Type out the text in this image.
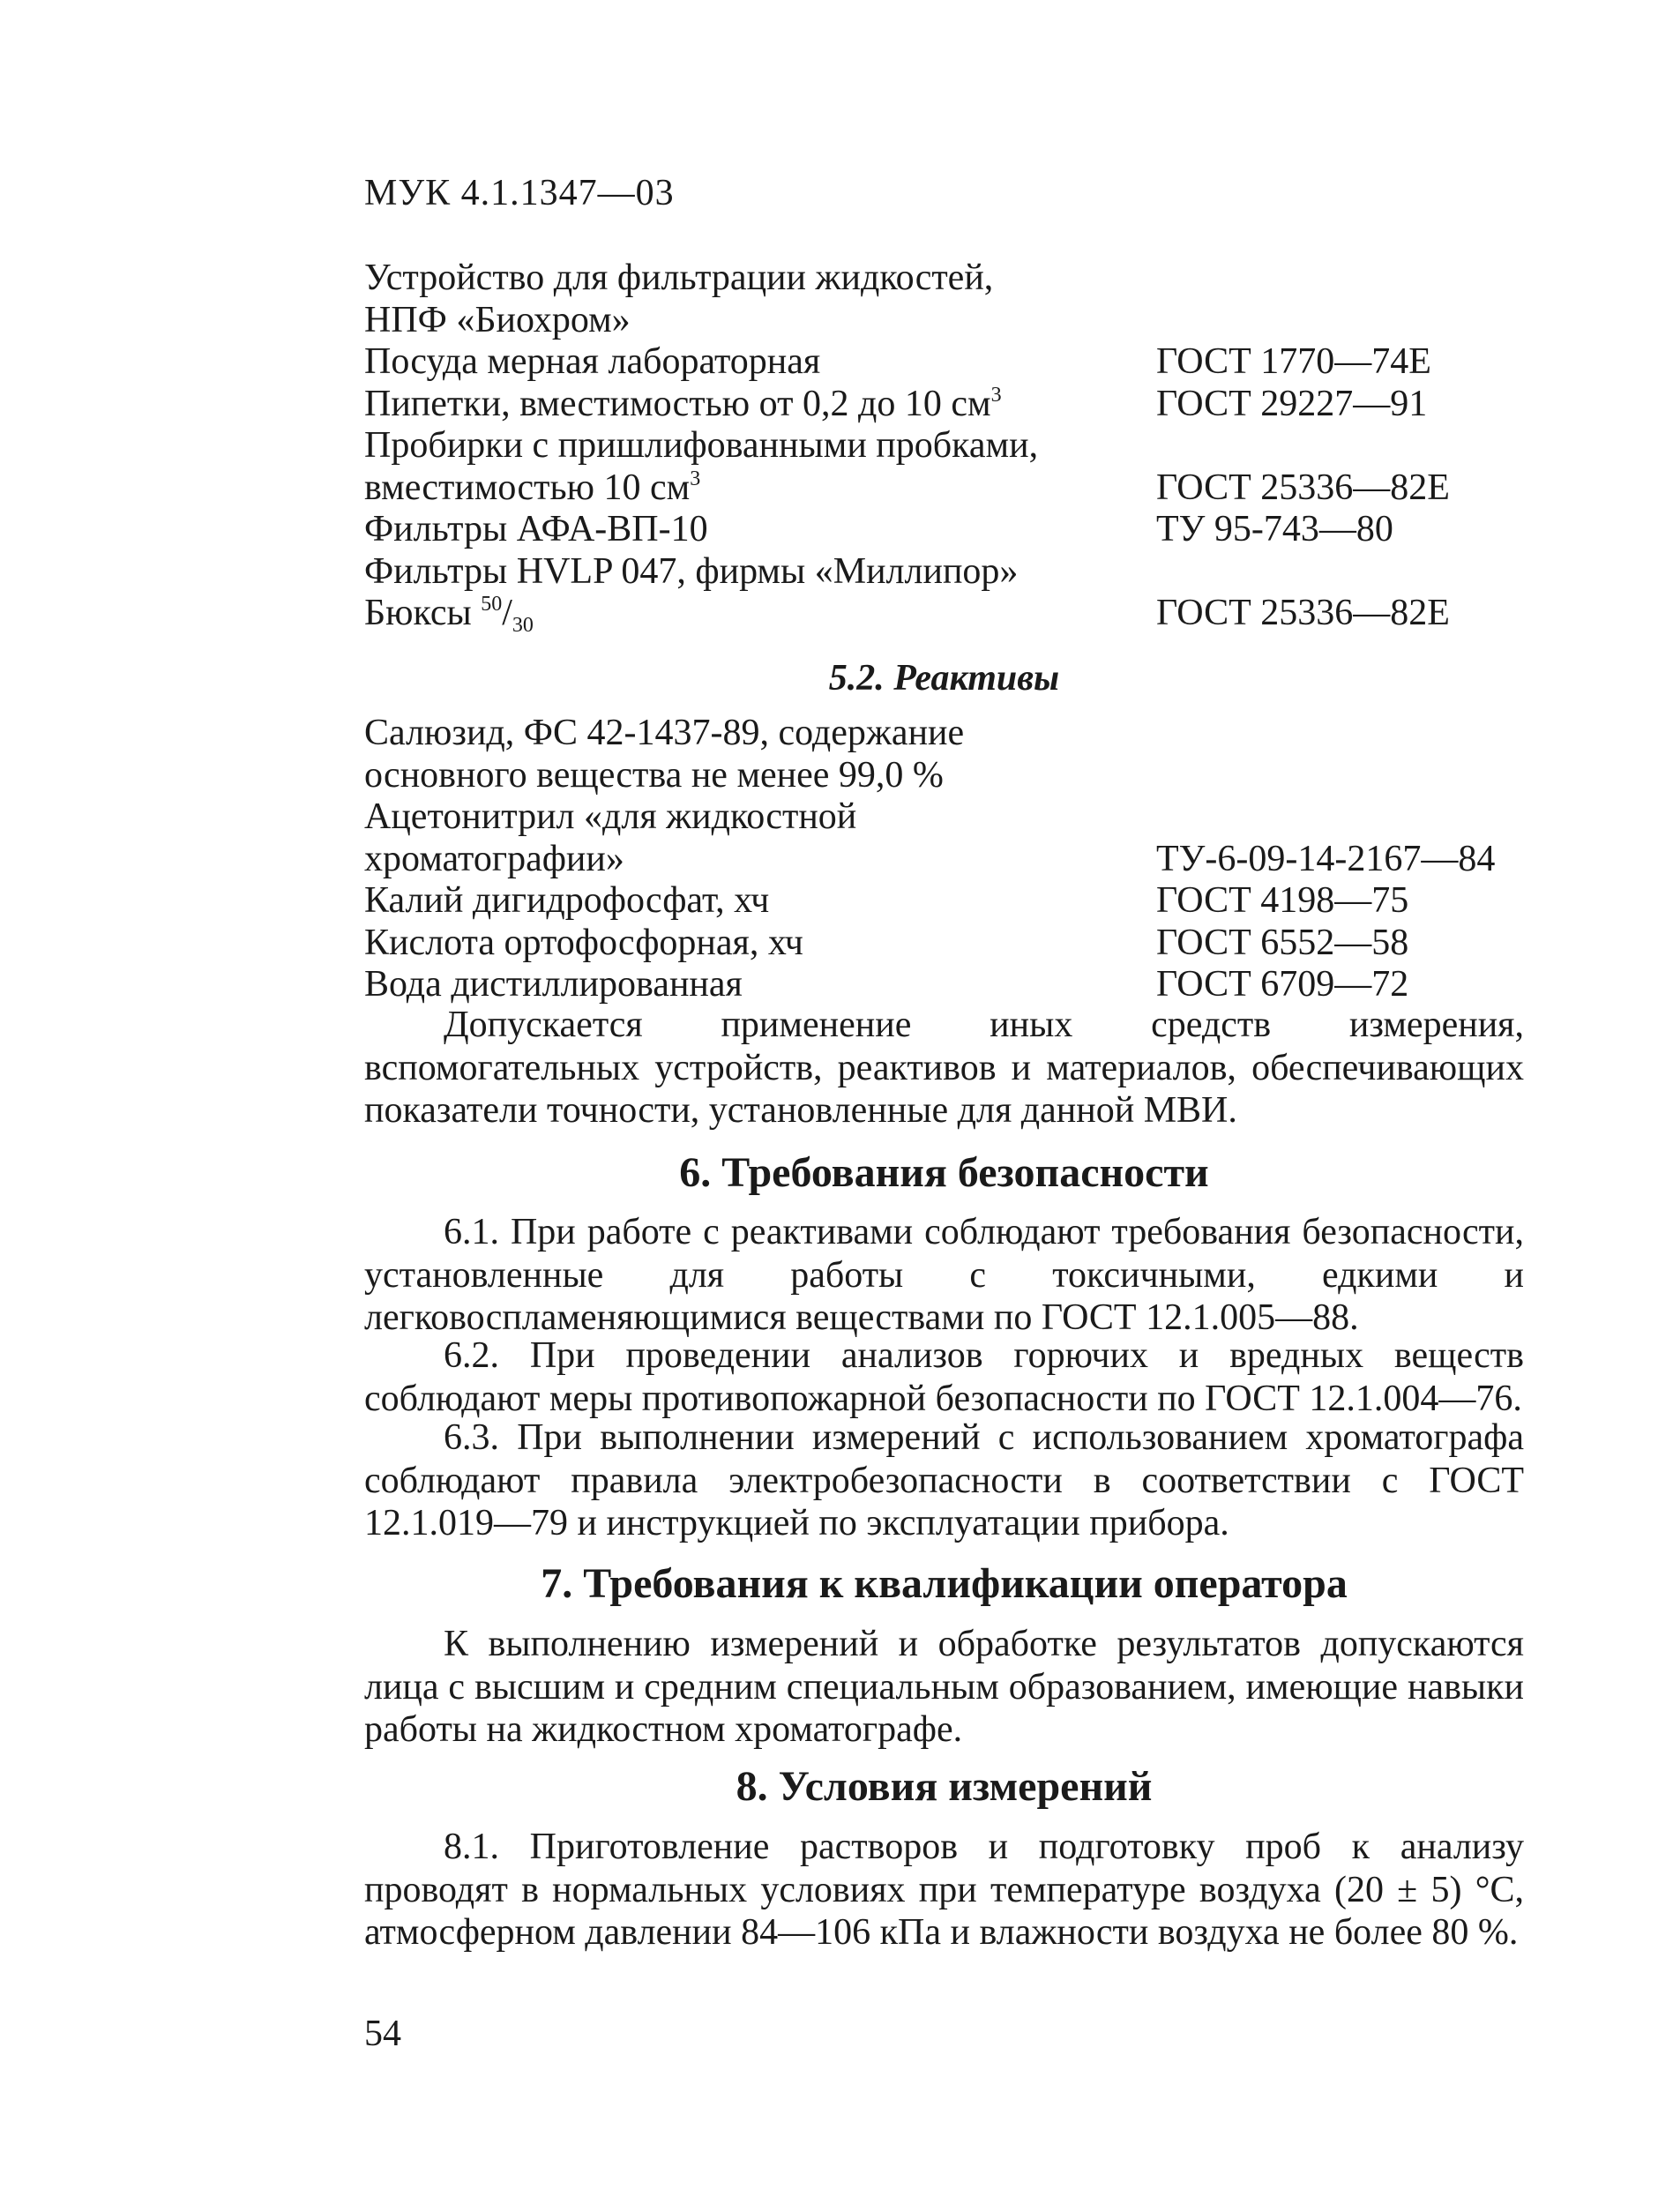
МУК 4.1.1347—03
Устройство для фильтрации жидкостей,
НПФ «Биохром»
Посуда мерная лабораторная	ГОСТ 1770—74Е
Пипетки, вместимостью от 0,2 до 10 $см^3$	ГОСТ 29227—91
Пробирки с пришлифованными пробками,
вместимостью 10 $см^3$	ГОСТ 25336—82Е
Фильтры АФА-ВП-10	ТУ 95-743—80
Фильтры HVLP 047, фирмы «Миллипор»
Бюксы $^{50}/_{30}$	ГОСТ 25336—82Е
5.2. Реактивы
Салюзид, ФС 42-1437-89, содержание
основного вещества не менее 99,0 %
Ацетонитрил «для жидкостной
хроматографии»	ТУ-6-09-14-2167—84
Калий дигидрофосфат, хч	ГОСТ 4198—75
Кислота ортофосфорная, хч	ГОСТ 6552—58
Вода дистиллированная	ГОСТ 6709—72
Допускается применение иных средств измерения, вспомогательных устройств, реактивов и материалов, обеспечивающих показатели точности, установленные для данной МВИ.
6. Требования безопасности
6.1. При работе с реактивами соблюдают требования безопасности, установленные для работы с токсичными, едкими и легковоспламеняющимися веществами по ГОСТ 12.1.005—88.
6.2. При проведении анализов горючих и вредных веществ соблюдают меры противопожарной безопасности по ГОСТ 12.1.004—76.
6.3. При выполнении измерений с использованием хроматографа соблюдают правила электробезопасности в соответствии с ГОСТ 12.1.019—79 и инструкцией по эксплуатации прибора.
7. Требования к квалификации оператора
К выполнению измерений и обработке результатов допускаются лица с высшим и средним специальным образованием, имеющие навыки работы на жидкостном хроматографе.
8. Условия измерений
8.1. Приготовление растворов и подготовку проб к анализу проводят в нормальных условиях при температуре воздуха (20 ± 5) °С, атмосферном давлении 84—106 кПа и влажности воздуха не более 80 %.
54
